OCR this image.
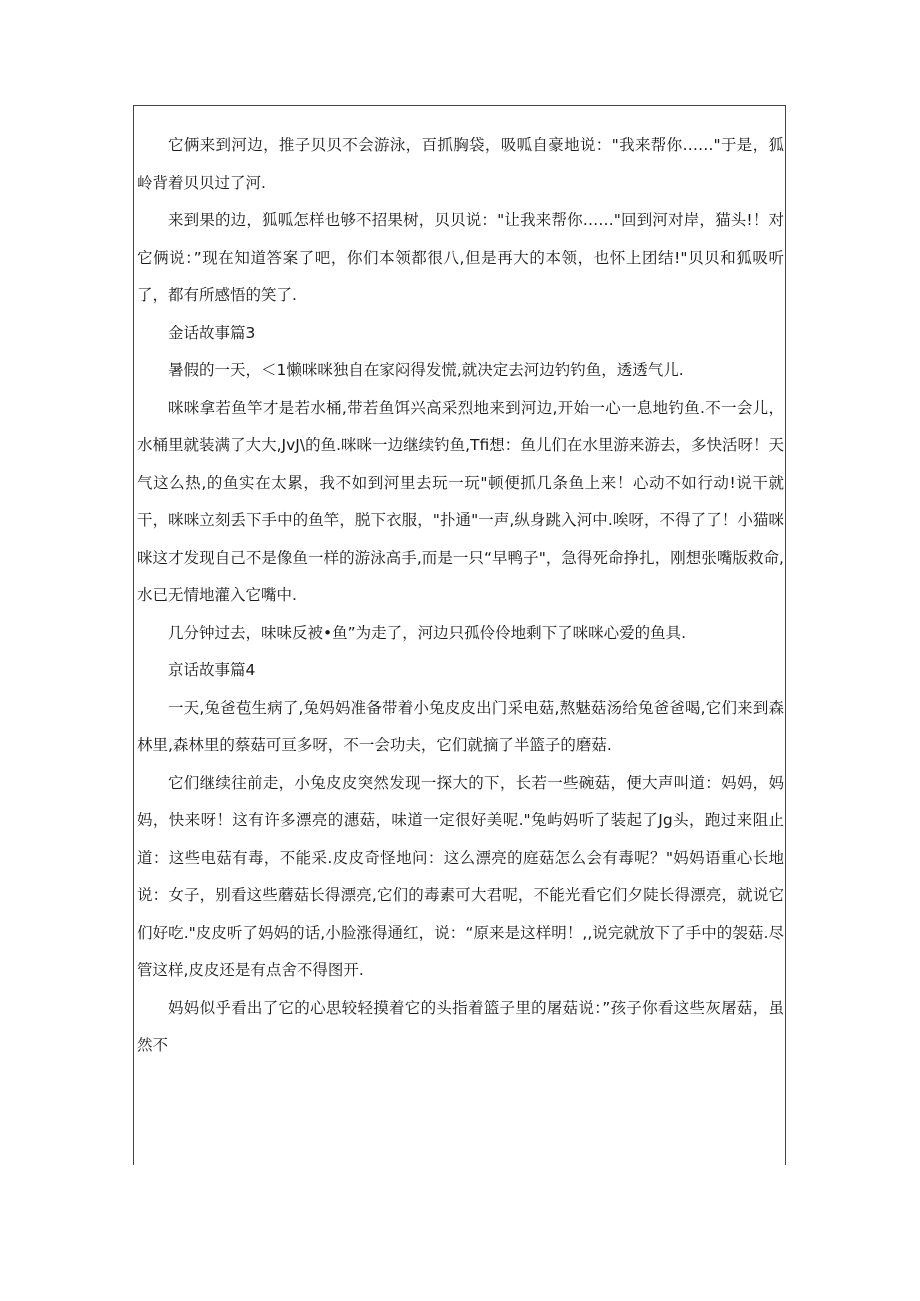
它俩来到河边，推子贝贝不会游泳，百抓胸袋，吸呱自豪地说："我来帮你……"于是，狐岭背着贝贝过了河.

来到果的边，狐呱怎样也够不招果树，贝贝说："让我来帮你……"回到河对岸，猫头!！对它俩说：”现在知道答案了吧，你们本领都很八,但是再大的本领，也怀上团结!"贝贝和狐吸听了，都有所感悟的笑了.

金话故事篇3

暑假的一天，＜1懒咪咪独自在家闷得发慌,就决定去河边钓钓鱼，透透气儿.

咪咪拿若鱼竿才是若水桶,带若鱼饵兴高采烈地来到河边,开始一心一息地钓鱼.不一会儿，水桶里就装满了大大,JvJ\的鱼.咪咪一边继续钓鱼,Tfi想：鱼儿们在水里游来游去，多快活呀！天气这么热,的鱼实在太累，我不如到河里去玩一玩"顿便抓几条鱼上来！心动不如行动!说干就干，咪咪立刻丢下手中的鱼竿，脱下衣服，"扑通"一声,纵身跳入河中.唉呀，不得了了！小猫咪咪这才发现自己不是像鱼一样的游泳高手,而是一只“早鸭子"，急得死命挣扎，刚想张嘴版救命,水已无情地灌入它嘴中.

几分钟过去，味味反被•鱼”为走了，河边只孤伶伶地剩下了咪咪心爱的鱼具.

京话故事篇4

一天,兔爸苞生病了,兔妈妈准备带着小兔皮皮出门采电菇,熬魅菇汤给兔爸爸喝,它们来到森林里,森林里的蔡菇可亘多呀，不一会功夫，它们就摘了半篮子的磨菇.

它们继续往前走，小兔皮皮突然发现一探大的下，长若一些碗菇，便大声叫道：妈妈，妈妈，快来呀！这有许多漂亮的潓菇，味道一定很好美呢."兔屿妈听了装起了Jg头，跑过来阻止道：这些电菇有毒，不能采.皮皮奇怪地问：这么漂亮的庭菇怎么会有毒呢？"妈妈语重心长地说：女子，别看这些蘑菇长得漂亮,它们的毒素可大君呢，不能光看它们夕陡长得漂亮，就说它们好吃."皮皮听了妈妈的话,小脸涨得通红，说：“原来是这样明！,,说完就放下了手中的袈菇.尽管这样,皮皮还是有点舍不得图开.

妈妈似乎看出了它的心思较轻摸着它的头指着篮子里的屠菇说：”孩子你看这些灰屠菇，虽然不
